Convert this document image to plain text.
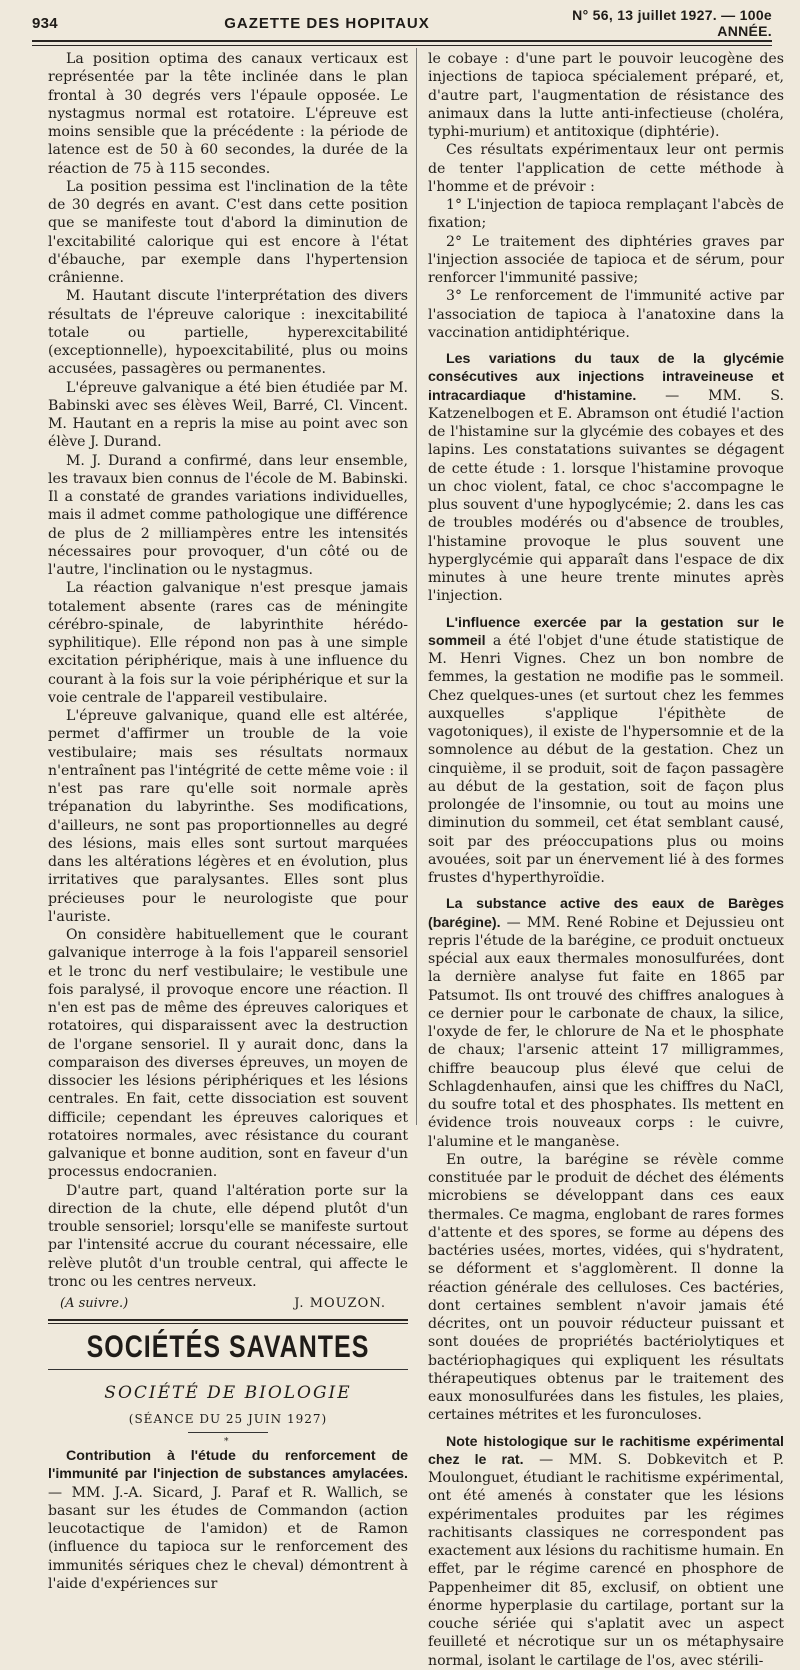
934	GAZETTE DES HOPITAUX	N° 56, 13 juillet 1927. — 100e ANNÉE.

La position optima des canaux verticaux est représentée par la tête inclinée dans le plan frontal à 30 degrés vers l'épaule opposée. Le nystagmus normal est rotatoire. L'épreuve est moins sensible que la précédente : la période de latence est de 50 à 60 secondes, la durée de la réaction de 75 à 115 secondes.

La position pessima est l'inclination de la tête de 30 degrés en avant. C'est dans cette position que se manifeste tout d'abord la diminution de l'excitabilité calorique qui est encore à l'état d'ébauche, par exemple dans l'hypertension crânienne.

M. Hautant discute l'interprétation des divers résultats de l'épreuve calorique : inexcitabilité totale ou partielle, hyperexcitabilité (exceptionnelle), hypoexcitabilité, plus ou moins accusées, passagères ou permanentes.

L'épreuve galvanique a été bien étudiée par M. Babinski avec ses élèves Weil, Barré, Cl. Vincent. M. Hautant en a repris la mise au point avec son élève J. Durand.

M. J. Durand a confirmé, dans leur ensemble, les travaux bien connus de l'école de M. Babinski. Il a constaté de grandes variations individuelles, mais il admet comme pathologique une différence de plus de 2 milliampères entre les intensités nécessaires pour provoquer, d'un côté ou de l'autre, l'inclination ou le nystagmus.

La réaction galvanique n'est presque jamais totalement absente (rares cas de méningite cérébro-spinale, de labyrinthite hérédo-syphilitique). Elle répond non pas à une simple excitation périphérique, mais à une influence du courant à la fois sur la voie périphérique et sur la voie centrale de l'appareil vestibulaire.

L'épreuve galvanique, quand elle est altérée, permet d'affirmer un trouble de la voie vestibulaire; mais ses résultats normaux n'entraînent pas l'intégrité de cette même voie : il n'est pas rare qu'elle soit normale après trépanation du labyrinthe. Ses modifications, d'ailleurs, ne sont pas proportionnelles au degré des lésions, mais elles sont surtout marquées dans les altérations légères et en évolution, plus irritatives que paralysantes. Elles sont plus précieuses pour le neurologiste que pour l'auriste.

On considère habituellement que le courant galvanique interroge à la fois l'appareil sensoriel et le tronc du nerf vestibulaire; le vestibule une fois paralysé, il provoque encore une réaction. Il n'en est pas de même des épreuves caloriques et rotatoires, qui disparaissent avec la destruction de l'organe sensoriel. Il y aurait donc, dans la comparaison des diverses épreuves, un moyen de dissocier les lésions périphériques et les lésions centrales. En fait, cette dissociation est souvent difficile; cependant les épreuves caloriques et rotatoires normales, avec résistance du courant galvanique et bonne audition, sont en faveur d'un processus endocranien.

D'autre part, quand l'altération porte sur la direction de la chute, elle dépend plutôt d'un trouble sensoriel; lorsqu'elle se manifeste surtout par l'intensité accrue du courant nécessaire, elle relève plutôt d'un trouble central, qui affecte le tronc ou les centres nerveux.

(A suivre.)	J. MOUZON.
SOCIÉTÉS SAVANTES
SOCIÉTÉ DE BIOLOGIE
(SÉANCE DU 25 JUIN 1927)
*

Contribution à l'étude du renforcement de l'immunité par l'injection de substances amylacées. — MM. J.-A. Sicard, J. Paraf et R. Wallich, se basant sur les études de Commandon (action leucotactique de l'amidon) et de Ramon (influence du tapioca sur le renforcement des immunités sériques chez le cheval) démontrent à l'aide d'expériences sur

le cobaye : d'une part le pouvoir leucogène des injections de tapioca spécialement préparé, et, d'autre part, l'augmentation de résistance des animaux dans la lutte anti-infectieuse (choléra, typhi-murium) et antitoxique (diphtérie).

Ces résultats expérimentaux leur ont permis de tenter l'application de cette méthode à l'homme et de prévoir :

1° L'injection de tapioca remplaçant l'abcès de fixation;

2° Le traitement des diphtéries graves par l'injection associée de tapioca et de sérum, pour renforcer l'immunité passive;

3° Le renforcement de l'immunité active par l'association de tapioca à l'anatoxine dans la vaccination antidiphtérique.

Les variations du taux de la glycémie consécutives aux injections intraveineuse et intracardiaque d'histamine. — MM. S. Katzenelbogen et E. Abramson ont étudié l'action de l'histamine sur la glycémie des cobayes et des lapins. Les constatations suivantes se dégagent de cette étude : 1. lorsque l'histamine provoque un choc violent, fatal, ce choc s'accompagne le plus souvent d'une hypoglycémie; 2. dans les cas de troubles modérés ou d'absence de troubles, l'histamine provoque le plus souvent une hyperglycémie qui apparaît dans l'espace de dix minutes à une heure trente minutes après l'injection.

L'influence exercée par la gestation sur le sommeil a été l'objet d'une étude statistique de M. Henri Vignes. Chez un bon nombre de femmes, la gestation ne modifie pas le sommeil. Chez quelques-unes (et surtout chez les femmes auxquelles s'applique l'épithète de vagotoniques), il existe de l'hypersomnie et de la somnolence au début de la gestation. Chez un cinquième, il se produit, soit de façon passagère au début de la gestation, soit de façon plus prolongée de l'insomnie, ou tout au moins une diminution du sommeil, cet état semblant causé, soit par des préoccupations plus ou moins avouées, soit par un énervement lié à des formes frustes d'hyperthyroïdie.

La substance active des eaux de Barèges (barégine). — MM. René Robine et Dejussieu ont repris l'étude de la barégine, ce produit onctueux spécial aux eaux thermales monosulfurées, dont la dernière analyse fut faite en 1865 par Patsumot. Ils ont trouvé des chiffres analogues à ce dernier pour le carbonate de chaux, la silice, l'oxyde de fer, le chlorure de Na et le phosphate de chaux; l'arsenic atteint 17 milligrammes, chiffre beaucoup plus élevé que celui de Schlagdenhaufen, ainsi que les chiffres du NaCl, du soufre total et des phosphates. Ils mettent en évidence trois nouveaux corps : le cuivre, l'alumine et le manganèse.

En outre, la barégine se révèle comme constituée par le produit de déchet des éléments microbiens se développant dans ces eaux thermales. Ce magma, englobant de rares formes d'attente et des spores, se forme au dépens des bactéries usées, mortes, vidées, qui s'hydratent, se déforment et s'agglomèrent. Il donne la réaction générale des celluloses. Ces bactéries, dont certaines semblent n'avoir jamais été décrites, ont un pouvoir réducteur puissant et sont douées de propriétés bactériolytiques et bactériophagiques qui expliquent les résultats thérapeutiques obtenus par le traitement des eaux monosulfurées dans les fistules, les plaies, certaines métrites et les furonculoses.

Note histologique sur le rachitisme expérimental chez le rat. — MM. S. Dobkevitch et P. Moulonguet, étudiant le rachitisme expérimental, ont été amenés à constater que les lésions expérimentales produites par les régimes rachitisants classiques ne correspondent pas exactement aux lésions du rachitisme humain. En effet, par le régime carencé en phosphore de Pappenheimer dit 85, exclusif, on obtient une énorme hyperplasie du cartilage, portant sur la couche sériée qui s'aplatit avec un aspect feuilleté et nécrotique sur un os métaphysaire normal, isolant le cartilage de l'os, avec stérili-
